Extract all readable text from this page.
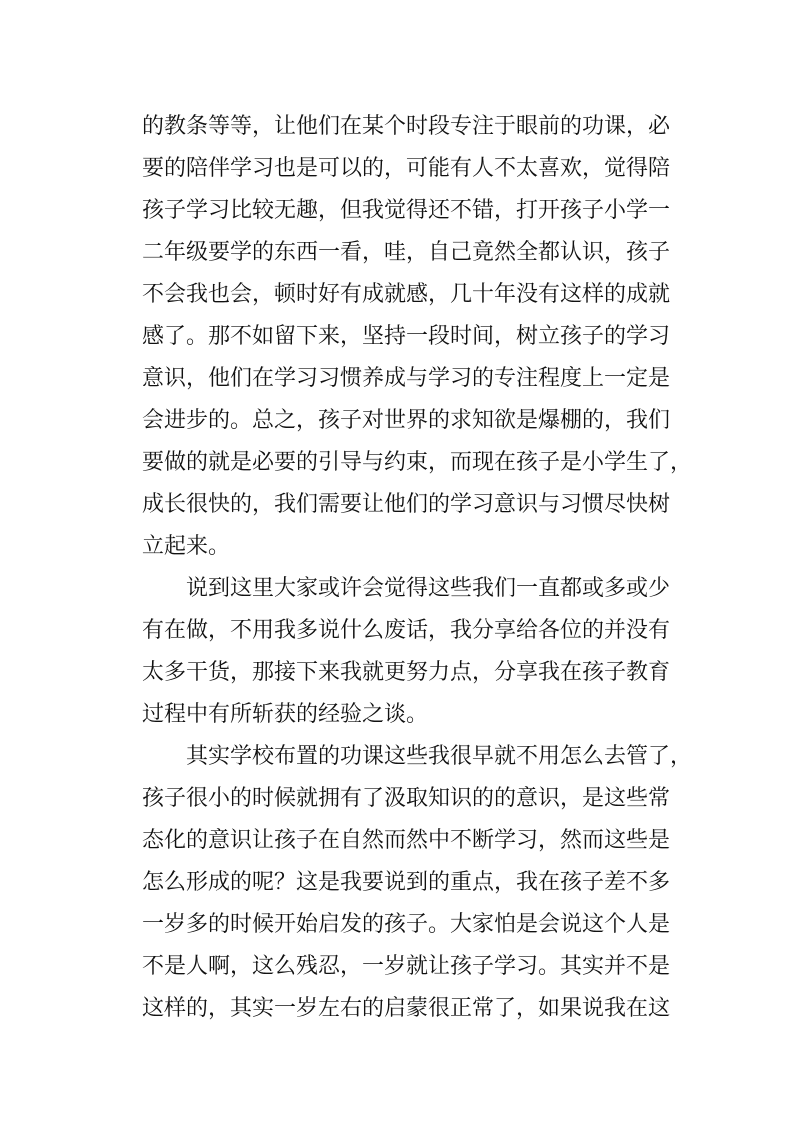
的教条等等，让他们在某个时段专注于眼前的功课，必
要的陪伴学习也是可以的，可能有人不太喜欢，觉得陪
孩子学习比较无趣，但我觉得还不错，打开孩子小学一
二年级要学的东西一看，哇，自己竟然全都认识，孩子
不会我也会，顿时好有成就感，几十年没有这样的成就
感了。那不如留下来，坚持一段时间，树立孩子的学习
意识，他们在学习习惯养成与学习的专注程度上一定是
会进步的。总之，孩子对世界的求知欲是爆棚的，我们
要做的就是必要的引导与约束，而现在孩子是小学生了，
成长很快的，我们需要让他们的学习意识与习惯尽快树
立起来。
说到这里大家或许会觉得这些我们一直都或多或少
有在做，不用我多说什么废话，我分享给各位的并没有
太多干货，那接下来我就更努力点，分享我在孩子教育
过程中有所斩获的经验之谈。
其实学校布置的功课这些我很早就不用怎么去管了，
孩子很小的时候就拥有了汲取知识的的意识，是这些常
态化的意识让孩子在自然而然中不断学习，然而这些是
怎么形成的呢？这是我要说到的重点，我在孩子差不多
一岁多的时候开始启发的孩子。大家怕是会说这个人是
不是人啊，这么残忍，一岁就让孩子学习。其实并不是
这样的，其实一岁左右的启蒙很正常了，如果说我在这
